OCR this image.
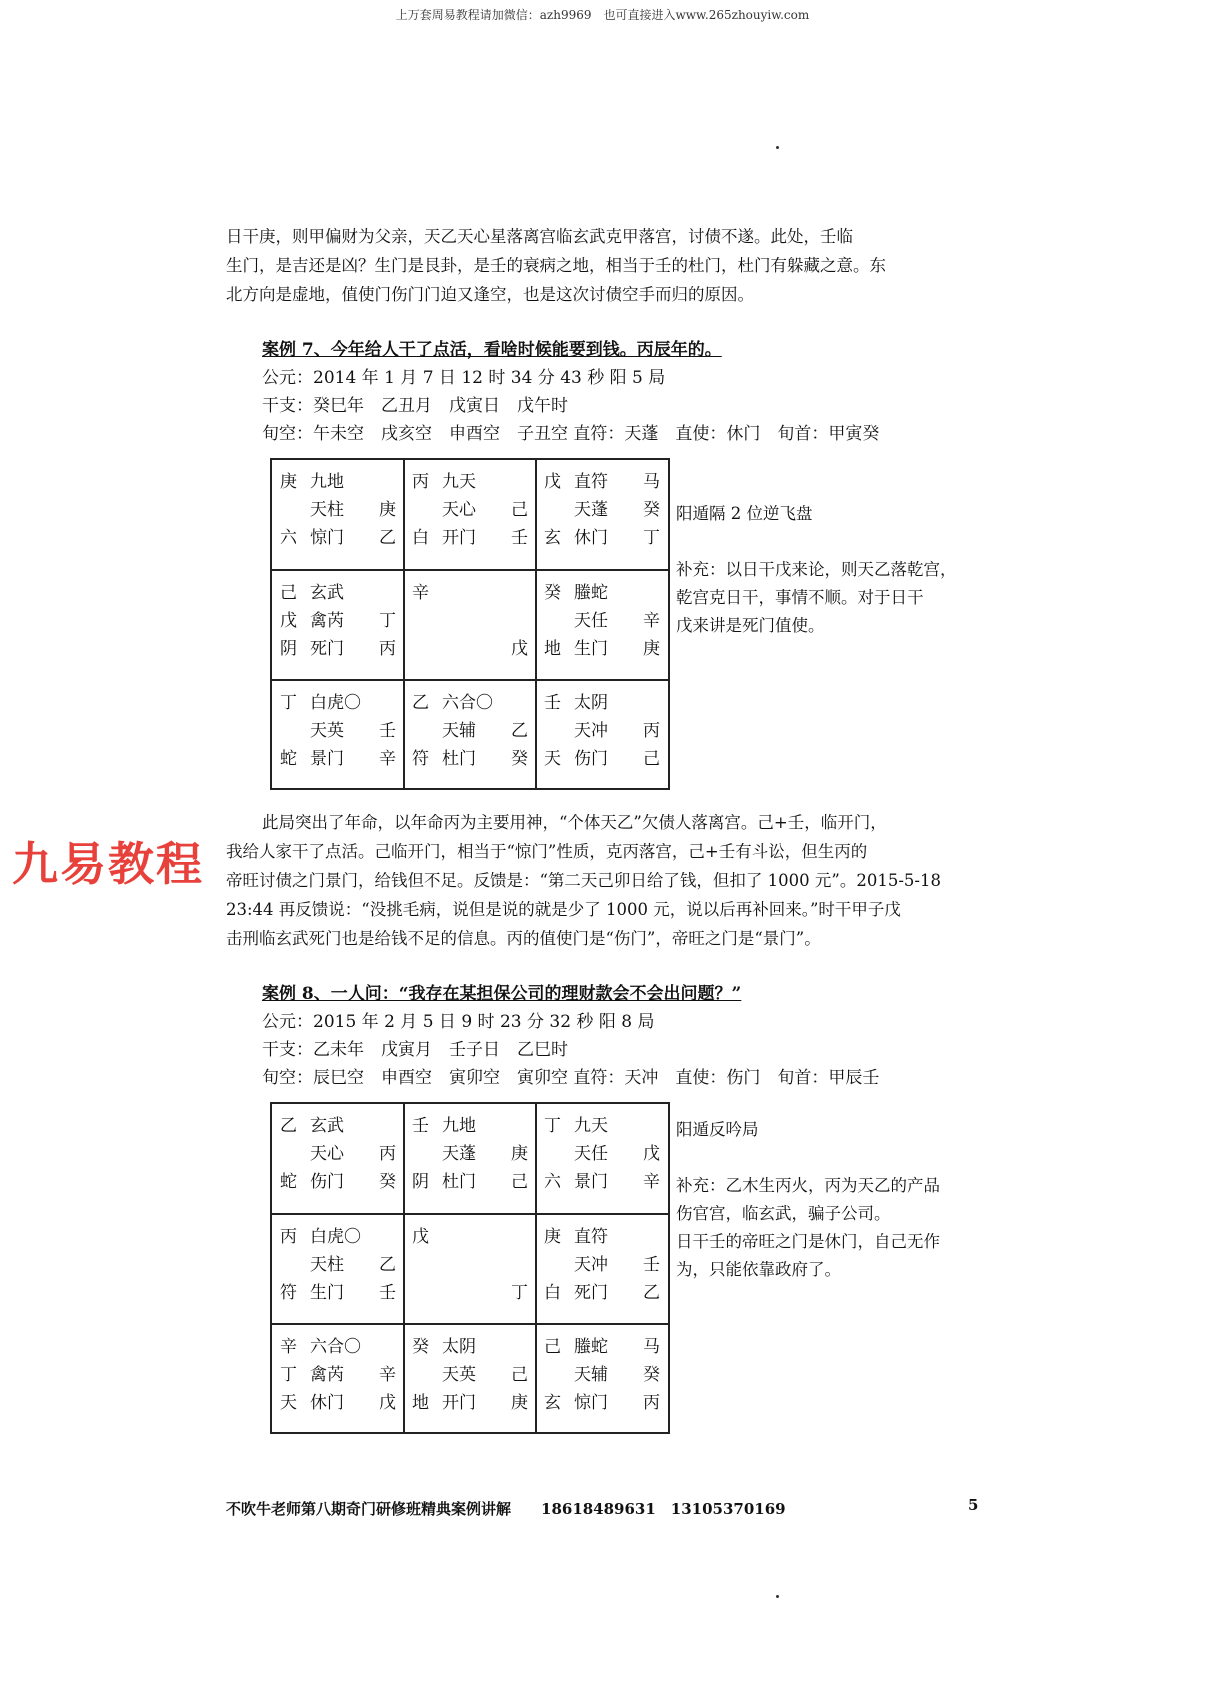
上万套周易教程请加微信：azh9969　也可直接进入www.265zhouyiw.com

日干庚，则甲偏财为父亲，天乙天心星落离宫临玄武克甲落宫，讨债不遂。此处，壬临

生门，是吉还是凶？生门是艮卦，是壬的衰病之地，相当于壬的杜门，杜门有躲藏之意。东

北方向是虚地，值使门伤门门迫又逢空，也是这次讨债空手而归的原因。

案例 7、今年给人干了点活，看啥时候能要到钱。丙辰年的。
公元：2014 年 1 月 7 日 12 时 34 分 43 秒 阳 5 局
干支：癸巳年　乙丑月　戊寅日　戊午时
旬空：午未空　戌亥空　申酉空　子丑空 直符：天蓬　直使：休门　旬首：甲寅癸
庚 九地
天柱 庚
六 惊门 乙
丙 九天
天心 己
白 开门 壬
戊 直符 马
天蓬 癸
玄 休门 丁
己 玄武
戊 禽芮 丁
阴 死门 丙
辛
戊
癸 螣蛇
天任 辛
地 生门 庚
丁 白虎〇
天英 壬
蛇 景门 辛
乙 六合〇
天辅 乙
符 杜门 癸
壬 太阴
天冲 丙
天 伤门 己
阳遁隔 2 位逆飞盘
补充：以日干戊来论，则天乙落乾宫，
乾宫克日干，事情不顺。对于日干
戊来讲是死门值使。

此局突出了年命，以年命丙为主要用神，“个体天乙”欠债人落离宫。己+壬，临开门，

我给人家干了点活。己临开门，相当于“惊门”性质，克丙落宫，己+壬有斗讼，但生丙的

帝旺讨债之门景门，给钱但不足。反馈是：“第二天己卯日给了钱，但扣了 1000 元”。2015-5-18

23:44 再反馈说：“没挑毛病，说但是说的就是少了 1000 元，说以后再补回来。”时干甲子戊

击刑临玄武死门也是给钱不足的信息。丙的值使门是“伤门”，帝旺之门是“景门”。

九易教程
案例 8、一人问：“我存在某担保公司的理财款会不会出问题？”
公元：2015 年 2 月 5 日 9 时 23 分 32 秒 阳 8 局
干支：乙未年　戊寅月　壬子日　乙巳时
旬空：辰巳空　申酉空　寅卯空　寅卯空 直符：天冲　直使：伤门　旬首：甲辰壬
乙 玄武
天心 丙
蛇 伤门 癸
壬 九地
天蓬 庚
阴 杜门 己
丁 九天
天任 戊
六 景门 辛
丙 白虎〇
天柱 乙
符 生门 壬
戊
丁
庚 直符
天冲 壬
白 死门 乙
辛 六合〇
丁 禽芮 辛
天 休门 戊
癸 太阴
天英 己
地 开门 庚
己 螣蛇 马
天辅 癸
玄 惊门 丙
阳遁反吟局
补充：乙木生丙火，丙为天乙的产品
伤官宫，临玄武，骗子公司。
日干壬的帝旺之门是休门，自己无作
为，只能依靠政府了。
不吹牛老师第八期奇门研修班精典案例讲解　　18618489631　13105370169	5
